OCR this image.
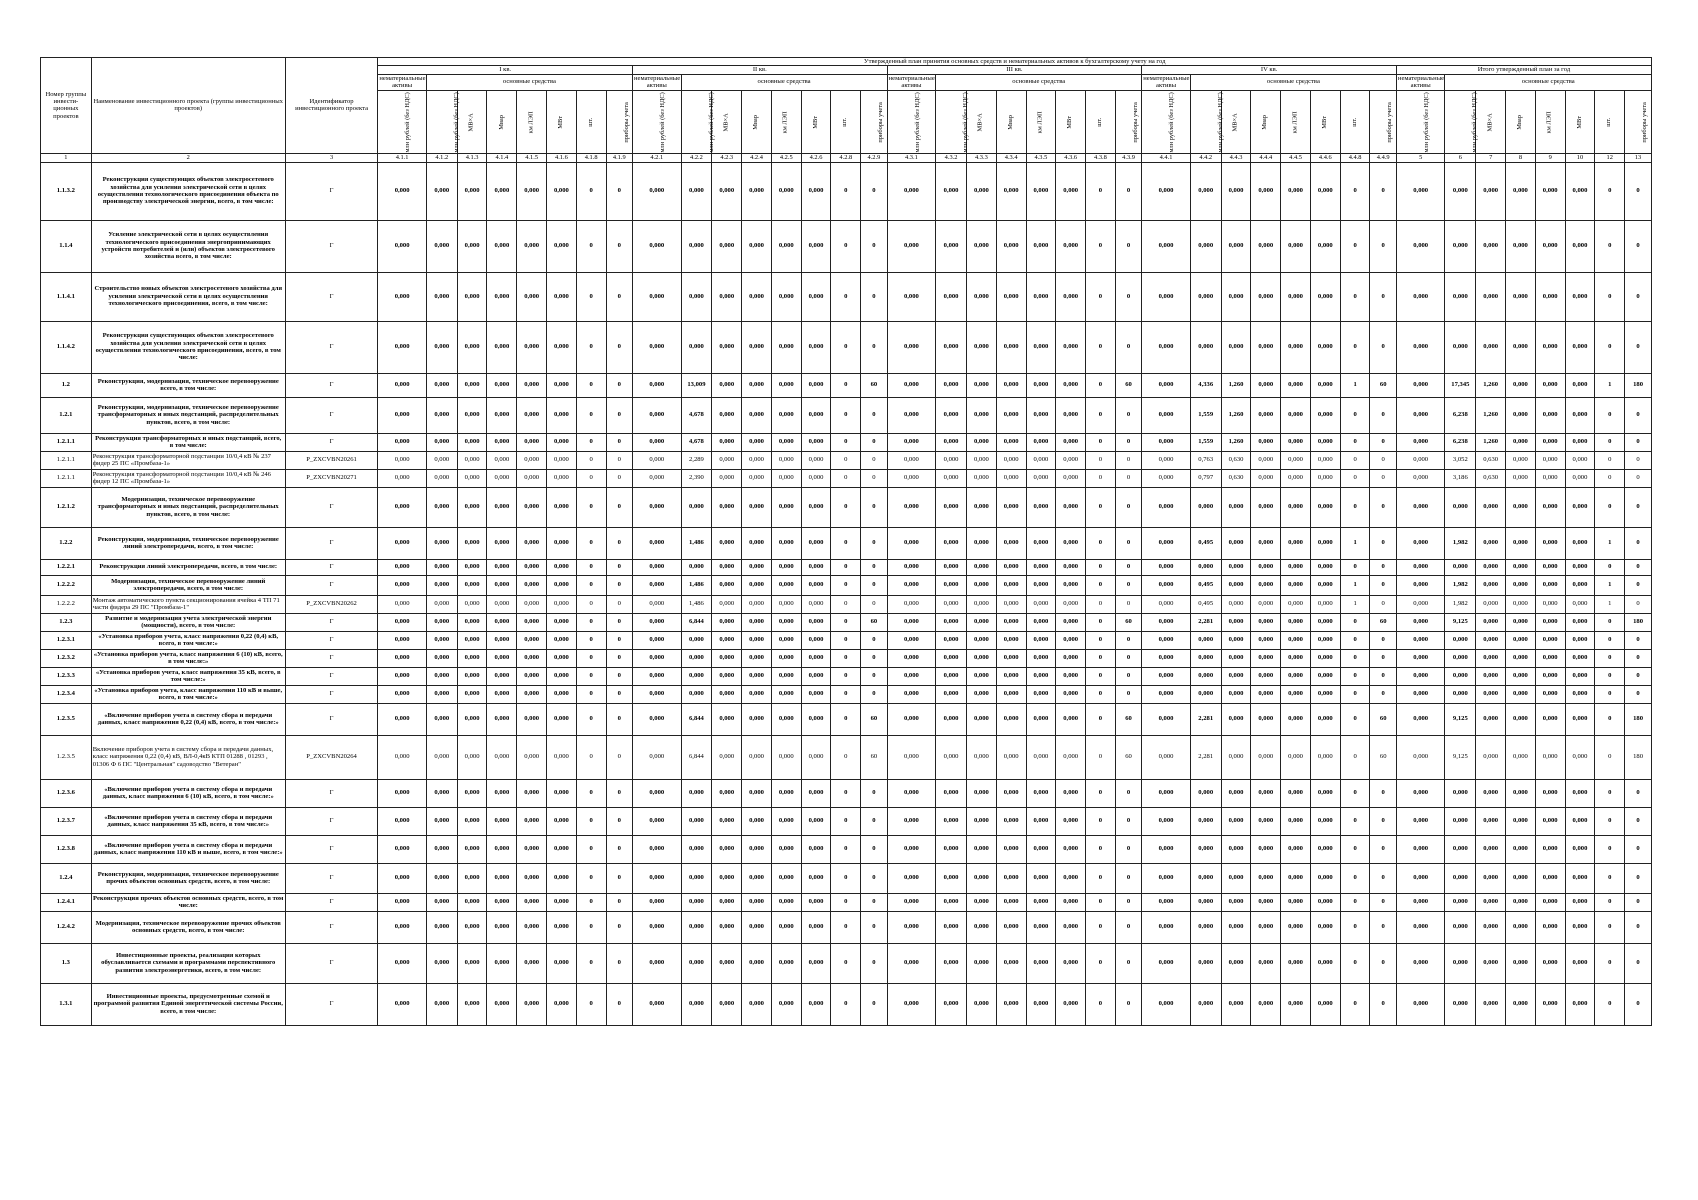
Номер группы инвести-ционных проектов	Наименование инвестиционного проекта (группы инвестиционных проектов)	Идентификатор инвестиционного проекта	Утвержденный план принятия основных средств и нематериальных активов к бухгалтерскому учету на год																																							
			I кв.								II кв.								III кв.								IV кв.								Итого утвержденный план за год							
			нематериальные активы	основные средства							нематериальные активы	основные средства							нематериальные активы	основные средства							нематериальные активы	основные средства							нематериальные активы	основные средства						
			млн рублей (без НДС)	млн рублей (без НДС)	МВ×А	Мвар	км ЛЭП	МВт	шт.	приборы учета	млн рублей (без НДС)	млн рублей (без НДС)	МВ×А	Мвар	км ЛЭП	МВт	шт.	приборы учета	млн рублей (без НДС)	млн рублей (без НДС)	МВ×А	Мвар	км ЛЭП	МВт	шт.	приборы учета	млн рублей (без НДС)	млн рублей (без НДС)	МВ×А	Мвар	км ЛЭП	МВт	шт.	приборы учета	млн рублей (без НДС)	млн рублей (без НДС)	МВ×А	Мвар	км ЛЭП	МВт	шт.	приборы учета
1	2	3	4.1.1	4.1.2	4.1.3	4.1.4	4.1.5	4.1.6	4.1.8	4.1.9	4.2.1	4.2.2	4.2.3	4.2.4	4.2.5	4.2.6	4.2.8	4.2.9	4.3.1	4.3.2	4.3.3	4.3.4	4.3.5	4.3.6	4.3.8	4.3.9	4.4.1	4.4.2	4.4.3	4.4.4	4.4.5	4.4.6	4.4.8	4.4.9	5	6	7	8	9	10	12	13
1.1.3.2	Реконструкция существующих объектов электросетевого хозяйства для усиления электрической сети в целях осуществления технологического присоединения объекта по производству электрической энергии, всего, в том числе:	Г	0,000	0,000	0,000	0,000	0,000	0,000	0	0	0,000	0,000	0,000	0,000	0,000	0,000	0	0	0,000	0,000	0,000	0,000	0,000	0,000	0	0	0,000	0,000	0,000	0,000	0,000	0,000	0	0	0,000	0,000	0,000	0,000	0,000	0,000	0	0
1.1.4	Усиление электрической сети в целях осуществления технологического присоединения энергопринимающих устройств потребителей и (или) объектов электросетевого хозяйства всего, в том числе:	Г	0,000	0,000	0,000	0,000	0,000	0,000	0	0	0,000	0,000	0,000	0,000	0,000	0,000	0	0	0,000	0,000	0,000	0,000	0,000	0,000	0	0	0,000	0,000	0,000	0,000	0,000	0,000	0	0	0,000	0,000	0,000	0,000	0,000	0,000	0	0
1.1.4.1	Строительство новых объектов электросетевого хозяйства для усиления электрической сети в целях осуществления технологического присоединения, всего, в том числе:	Г	0,000	0,000	0,000	0,000	0,000	0,000	0	0	0,000	0,000	0,000	0,000	0,000	0,000	0	0	0,000	0,000	0,000	0,000	0,000	0,000	0	0	0,000	0,000	0,000	0,000	0,000	0,000	0	0	0,000	0,000	0,000	0,000	0,000	0,000	0	0
1.1.4.2	Реконструкция существующих объектов электросетевого хозяйства для усиления электрической сети в целях осуществления технологического присоединения, всего, в том числе:	Г	0,000	0,000	0,000	0,000	0,000	0,000	0	0	0,000	0,000	0,000	0,000	0,000	0,000	0	0	0,000	0,000	0,000	0,000	0,000	0,000	0	0	0,000	0,000	0,000	0,000	0,000	0,000	0	0	0,000	0,000	0,000	0,000	0,000	0,000	0	0
1.2	Реконструкция, модернизация, техническое перевооружение всего, в том числе:	Г	0,000	0,000	0,000	0,000	0,000	0,000	0	0	0,000	13,009	0,000	0,000	0,000	0,000	0	60	0,000	0,000	0,000	0,000	0,000	0,000	0	60	0,000	4,336	1,260	0,000	0,000	0,000	1	60	0,000	17,345	1,260	0,000	0,000	0,000	1	180
1.2.1	Реконструкция, модернизация, техническое перевооружение трансформаторных и иных подстанций, распределительных пунктов, всего, в том числе:	Г	0,000	0,000	0,000	0,000	0,000	0,000	0	0	0,000	4,678	0,000	0,000	0,000	0,000	0	0	0,000	0,000	0,000	0,000	0,000	0,000	0	0	0,000	1,559	1,260	0,000	0,000	0,000	0	0	0,000	6,238	1,260	0,000	0,000	0,000	0	0
1.2.1.1	Реконструкция трансформаторных и иных подстанций, всего, в том числе:	Г	0,000	0,000	0,000	0,000	0,000	0,000	0	0	0,000	4,678	0,000	0,000	0,000	0,000	0	0	0,000	0,000	0,000	0,000	0,000	0,000	0	0	0,000	1,559	1,260	0,000	0,000	0,000	0	0	0,000	6,238	1,260	0,000	0,000	0,000	0	0
1.2.1.1	Реконструкция трансформаторной подстанции 10/0,4 кВ № 237 фидер 25 ПС «Промбаза-1»	P_ZXCVBN20261	0,000	0,000	0,000	0,000	0,000	0,000	0	0	0,000	2,289	0,000	0,000	0,000	0,000	0	0	0,000	0,000	0,000	0,000	0,000	0,000	0	0	0,000	0,763	0,630	0,000	0,000	0,000	0	0	0,000	3,052	0,630	0,000	0,000	0,000	0	0
1.2.1.1	Реконструкция трансформаторной подстанции 10/0,4 кВ № 246 фидер 12 ПС «Промбаза-1»	P_ZXCVBN20271	0,000	0,000	0,000	0,000	0,000	0,000	0	0	0,000	2,390	0,000	0,000	0,000	0,000	0	0	0,000	0,000	0,000	0,000	0,000	0,000	0	0	0,000	0,797	0,630	0,000	0,000	0,000	0	0	0,000	3,186	0,630	0,000	0,000	0,000	0	0
1.2.1.2	Модернизация, техническое перевооружение трансформаторных и иных подстанций, распределительных пунктов, всего, в том числе:	Г	0,000	0,000	0,000	0,000	0,000	0,000	0	0	0,000	0,000	0,000	0,000	0,000	0,000	0	0	0,000	0,000	0,000	0,000	0,000	0,000	0	0	0,000	0,000	0,000	0,000	0,000	0,000	0	0	0,000	0,000	0,000	0,000	0,000	0,000	0	0
1.2.2	Реконструкция, модернизация, техническое перевооружение линий электропередачи, всего, в том числе:	Г	0,000	0,000	0,000	0,000	0,000	0,000	0	0	0,000	1,486	0,000	0,000	0,000	0,000	0	0	0,000	0,000	0,000	0,000	0,000	0,000	0	0	0,000	0,495	0,000	0,000	0,000	0,000	1	0	0,000	1,982	0,000	0,000	0,000	0,000	1	0
1.2.2.1	Реконструкция линий электропередачи, всего, в том числе:	Г	0,000	0,000	0,000	0,000	0,000	0,000	0	0	0,000	0,000	0,000	0,000	0,000	0,000	0	0	0,000	0,000	0,000	0,000	0,000	0,000	0	0	0,000	0,000	0,000	0,000	0,000	0,000	0	0	0,000	0,000	0,000	0,000	0,000	0,000	0	0
1.2.2.2	Модернизация, техническое перевооружение линий электропередачи, всего, в том числе:	Г	0,000	0,000	0,000	0,000	0,000	0,000	0	0	0,000	1,486	0,000	0,000	0,000	0,000	0	0	0,000	0,000	0,000	0,000	0,000	0,000	0	0	0,000	0,495	0,000	0,000	0,000	0,000	1	0	0,000	1,982	0,000	0,000	0,000	0,000	1	0
1.2.2.2	Монтаж автоматического пункта секционирования ячейка 4 ТП 71 части фидера 29 ПС "Промбаза-1"	P_ZXCVBN20262	0,000	0,000	0,000	0,000	0,000	0,000	0	0	0,000	1,486	0,000	0,000	0,000	0,000	0	0	0,000	0,000	0,000	0,000	0,000	0,000	0	0	0,000	0,495	0,000	0,000	0,000	0,000	1	0	0,000	1,982	0,000	0,000	0,000	0,000	1	0
1.2.3	Развитие и модернизация учета электрической энергии (мощности), всего, в том числе:	Г	0,000	0,000	0,000	0,000	0,000	0,000	0	0	0,000	6,844	0,000	0,000	0,000	0,000	0	60	0,000	0,000	0,000	0,000	0,000	0,000	0	60	0,000	2,281	0,000	0,000	0,000	0,000	0	60	0,000	9,125	0,000	0,000	0,000	0,000	0	180
1.2.3.1	«Установка приборов учета, класс напряжения 0,22 (0,4) кВ, всего, в том числе:»	Г	0,000	0,000	0,000	0,000	0,000	0,000	0	0	0,000	0,000	0,000	0,000	0,000	0,000	0	0	0,000	0,000	0,000	0,000	0,000	0,000	0	0	0,000	0,000	0,000	0,000	0,000	0,000	0	0	0,000	0,000	0,000	0,000	0,000	0,000	0	0
1.2.3.2	«Установка приборов учета, класс напряжения 6 (10) кВ, всего, в том числе:»	Г	0,000	0,000	0,000	0,000	0,000	0,000	0	0	0,000	0,000	0,000	0,000	0,000	0,000	0	0	0,000	0,000	0,000	0,000	0,000	0,000	0	0	0,000	0,000	0,000	0,000	0,000	0,000	0	0	0,000	0,000	0,000	0,000	0,000	0,000	0	0
1.2.3.3	«Установка приборов учета, класс напряжения 35 кВ, всего, в том числе:»	Г	0,000	0,000	0,000	0,000	0,000	0,000	0	0	0,000	0,000	0,000	0,000	0,000	0,000	0	0	0,000	0,000	0,000	0,000	0,000	0,000	0	0	0,000	0,000	0,000	0,000	0,000	0,000	0	0	0,000	0,000	0,000	0,000	0,000	0,000	0	0
1.2.3.4	«Установка приборов учета, класс напряжения 110 кВ и выше, всего, в том числе:»	Г	0,000	0,000	0,000	0,000	0,000	0,000	0	0	0,000	0,000	0,000	0,000	0,000	0,000	0	0	0,000	0,000	0,000	0,000	0,000	0,000	0	0	0,000	0,000	0,000	0,000	0,000	0,000	0	0	0,000	0,000	0,000	0,000	0,000	0,000	0	0
1.2.3.5	«Включение приборов учета в систему сбора и передачи данных, класс напряжения 0,22 (0,4) кВ, всего, в том числе:»	Г	0,000	0,000	0,000	0,000	0,000	0,000	0	0	0,000	6,844	0,000	0,000	0,000	0,000	0	60	0,000	0,000	0,000	0,000	0,000	0,000	0	60	0,000	2,281	0,000	0,000	0,000	0,000	0	60	0,000	9,125	0,000	0,000	0,000	0,000	0	180
1.2.3.5	Включение приборов учета в систему сбора и передачи данных, класс напряжения 0,22 (0,4) кВ, ВЛ-0,4кВ КТП 01288 , 01293 , 01306 Ф 6 ПС "Центральная" садоводство "Ветеран"	P_ZXCVBN20264	0,000	0,000	0,000	0,000	0,000	0,000	0	0	0,000	6,844	0,000	0,000	0,000	0,000	0	60	0,000	0,000	0,000	0,000	0,000	0,000	0	60	0,000	2,281	0,000	0,000	0,000	0,000	0	60	0,000	9,125	0,000	0,000	0,000	0,000	0	180
1.2.3.6	«Включение приборов учета в систему сбора и передачи данных, класс напряжения 6 (10) кВ, всего, в том числе:»	Г	0,000	0,000	0,000	0,000	0,000	0,000	0	0	0,000	0,000	0,000	0,000	0,000	0,000	0	0	0,000	0,000	0,000	0,000	0,000	0,000	0	0	0,000	0,000	0,000	0,000	0,000	0,000	0	0	0,000	0,000	0,000	0,000	0,000	0,000	0	0
1.2.3.7	«Включение приборов учета в систему сбора и передачи данных, класс напряжения 35 кВ, всего, в том числе:»	Г	0,000	0,000	0,000	0,000	0,000	0,000	0	0	0,000	0,000	0,000	0,000	0,000	0,000	0	0	0,000	0,000	0,000	0,000	0,000	0,000	0	0	0,000	0,000	0,000	0,000	0,000	0,000	0	0	0,000	0,000	0,000	0,000	0,000	0,000	0	0
1.2.3.8	«Включение приборов учета в систему сбора и передачи данных, класс напряжения 110 кВ и выше, всего, в том числе:»	Г	0,000	0,000	0,000	0,000	0,000	0,000	0	0	0,000	0,000	0,000	0,000	0,000	0,000	0	0	0,000	0,000	0,000	0,000	0,000	0,000	0	0	0,000	0,000	0,000	0,000	0,000	0,000	0	0	0,000	0,000	0,000	0,000	0,000	0,000	0	0
1.2.4	Реконструкция, модернизация, техническое перевооружение прочих объектов основных средств, всего, в том числе:	Г	0,000	0,000	0,000	0,000	0,000	0,000	0	0	0,000	0,000	0,000	0,000	0,000	0,000	0	0	0,000	0,000	0,000	0,000	0,000	0,000	0	0	0,000	0,000	0,000	0,000	0,000	0,000	0	0	0,000	0,000	0,000	0,000	0,000	0,000	0	0
1.2.4.1	Реконструкция прочих объектов основных средств, всего, в том числе:	Г	0,000	0,000	0,000	0,000	0,000	0,000	0	0	0,000	0,000	0,000	0,000	0,000	0,000	0	0	0,000	0,000	0,000	0,000	0,000	0,000	0	0	0,000	0,000	0,000	0,000	0,000	0,000	0	0	0,000	0,000	0,000	0,000	0,000	0,000	0	0
1.2.4.2	Модернизация, техническое перевооружение прочих объектов основных средств, всего, в том числе:	Г	0,000	0,000	0,000	0,000	0,000	0,000	0	0	0,000	0,000	0,000	0,000	0,000	0,000	0	0	0,000	0,000	0,000	0,000	0,000	0,000	0	0	0,000	0,000	0,000	0,000	0,000	0,000	0	0	0,000	0,000	0,000	0,000	0,000	0,000	0	0
1.3	Инвестиционные проекты, реализация которых обуславливается схемами и программами перспективного развития электроэнергетики, всего, в том числе:	Г	0,000	0,000	0,000	0,000	0,000	0,000	0	0	0,000	0,000	0,000	0,000	0,000	0,000	0	0	0,000	0,000	0,000	0,000	0,000	0,000	0	0	0,000	0,000	0,000	0,000	0,000	0,000	0	0	0,000	0,000	0,000	0,000	0,000	0,000	0	0
1.3.1	Инвестиционные проекты, предусмотренные схемой и программой развития Единой энергетической системы России, всего, в том числе:	Г	0,000	0,000	0,000	0,000	0,000	0,000	0	0	0,000	0,000	0,000	0,000	0,000	0,000	0	0	0,000	0,000	0,000	0,000	0,000	0,000	0	0	0,000	0,000	0,000	0,000	0,000	0,000	0	0	0,000	0,000	0,000	0,000	0,000	0,000	0	0
